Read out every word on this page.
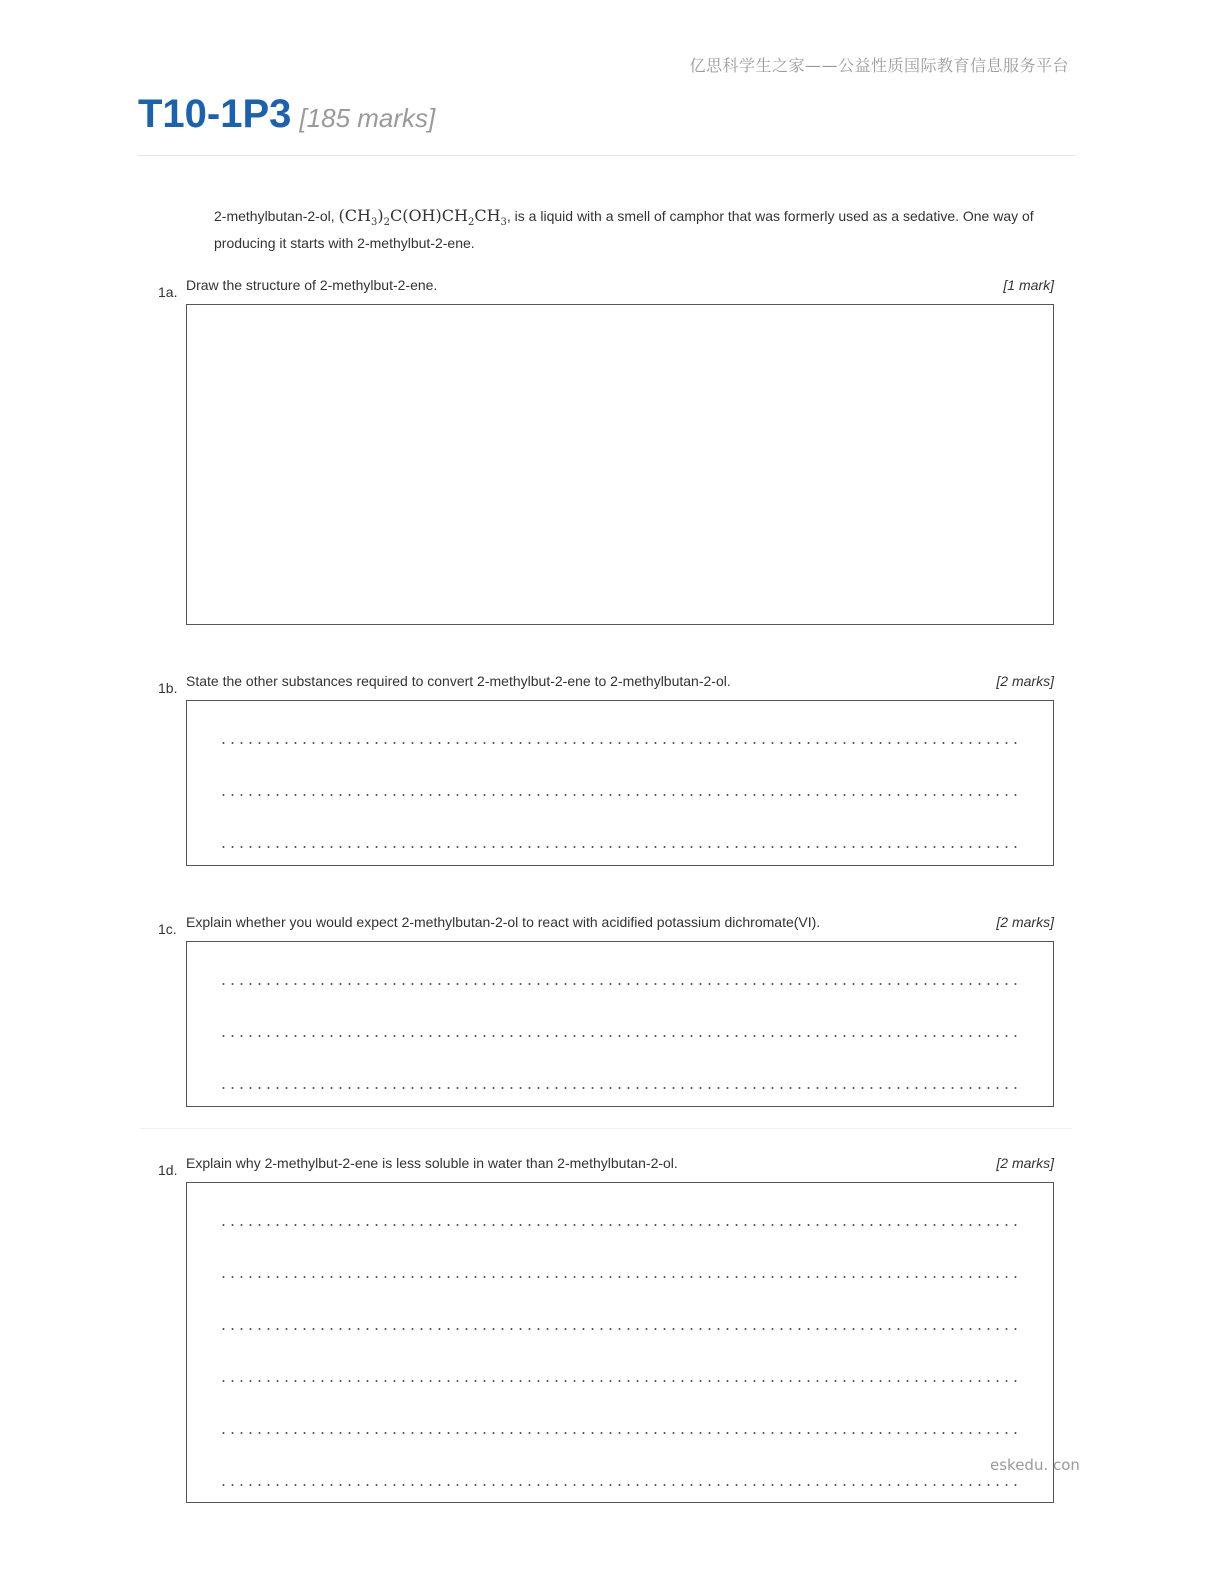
亿思科学生之家——公益性质国际教育信息服务平台
T10-1P3 [185 marks]
2-methylbutan-2-ol, $(CH_3)_2C(OH)CH_2CH_3$, is a liquid with a smell of camphor that was formerly used as a sedative. One way of producing it starts with 2-methylbut-2-ene.
1a. Draw the structure of 2-methylbut-2-ene.	[1 mark]
1b. State the other substances required to convert 2-methylbut-2-ene to 2-methylbutan-2-ol.	[2 marks]
1c. Explain whether you would expect 2-methylbutan-2-ol to react with acidified potassium dichromate(VI).	[2 marks]
1d. Explain why 2-methylbut-2-ene is less soluble in water than 2-methylbutan-2-ol.	[2 marks]
eskedu. con
